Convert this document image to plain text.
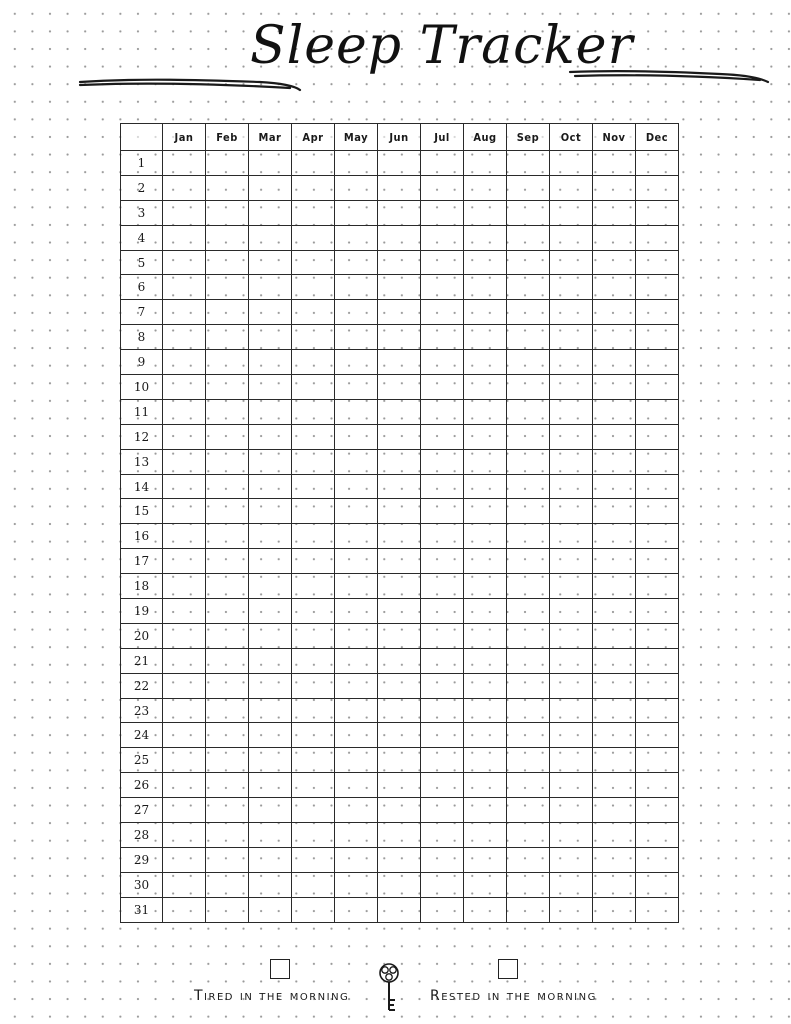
Sleep Tracker
	Jan	Feb	Mar	Apr	May	Jun	Jul	Aug	Sep	Oct	Nov	Dec
1												
2												
3												
4												
5												
6												
7												
8												
9												
10												
11												
12												
13												
14												
15												
16												
17												
18												
19												
20												
21												
22												
23												
24												
25												
26												
27												
28												
29												
30												
31												
Tired in the morning	Rested in the morning
